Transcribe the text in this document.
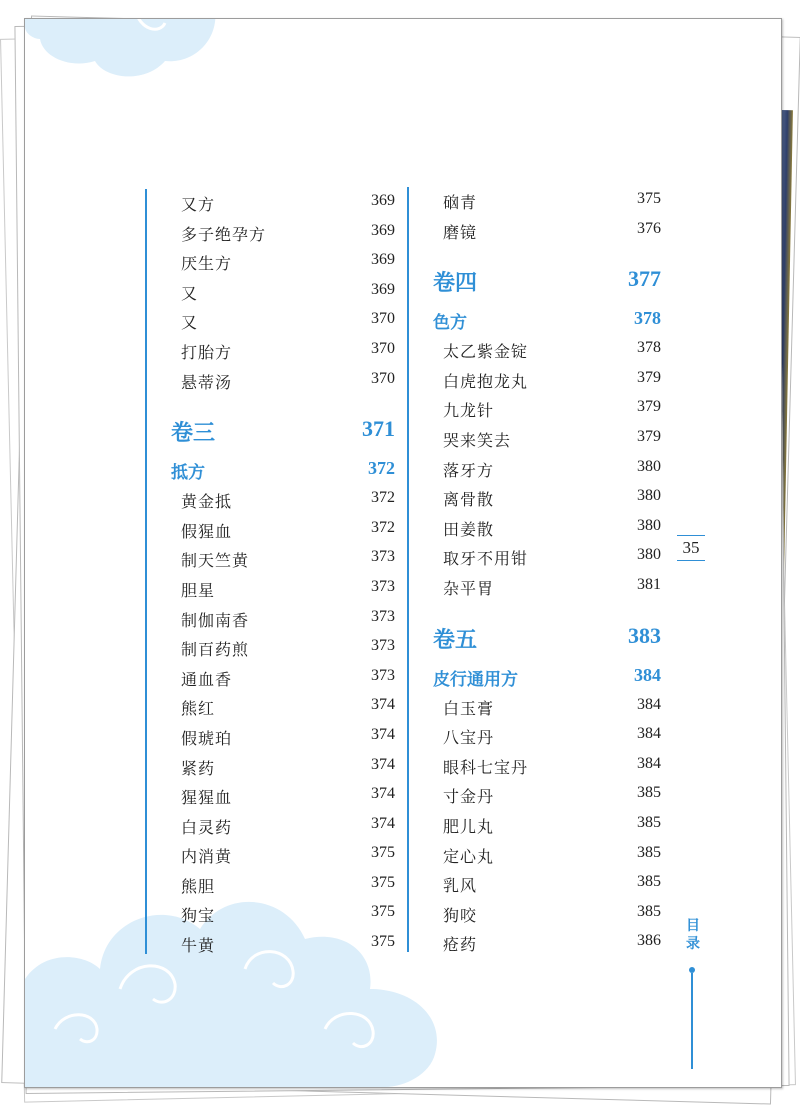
又方	369
多子绝孕方	369
厌生方	369
又	369
又	370
打胎方	370
悬蒂汤	370
卷三	371
抵方	372
黄金抵	372
假猩血	372
制天竺黄	373
胆星	373
制伽南香	373
制百药煎	373
通血香	373
熊红	374
假琥珀	374
紧药	374
猩猩血	374
白灵药	374
内消黄	375
熊胆	375
狗宝	375
牛黄	375
硇青	375
磨镜	376
卷四	377
色方	378
太乙紫金锭	378
白虎抱龙丸	379
九龙针	379
哭来笑去	379
落牙方	380
离骨散	380
田姜散	380
取牙不用钳	380
杂平胃	381
卷五	383
皮行通用方	384
白玉膏	384
八宝丹	384
眼科七宝丹	384
寸金丹	385
肥儿丸	385
定心丸	385
乳风	385
狗咬	385
疮药	386
35
目
录
